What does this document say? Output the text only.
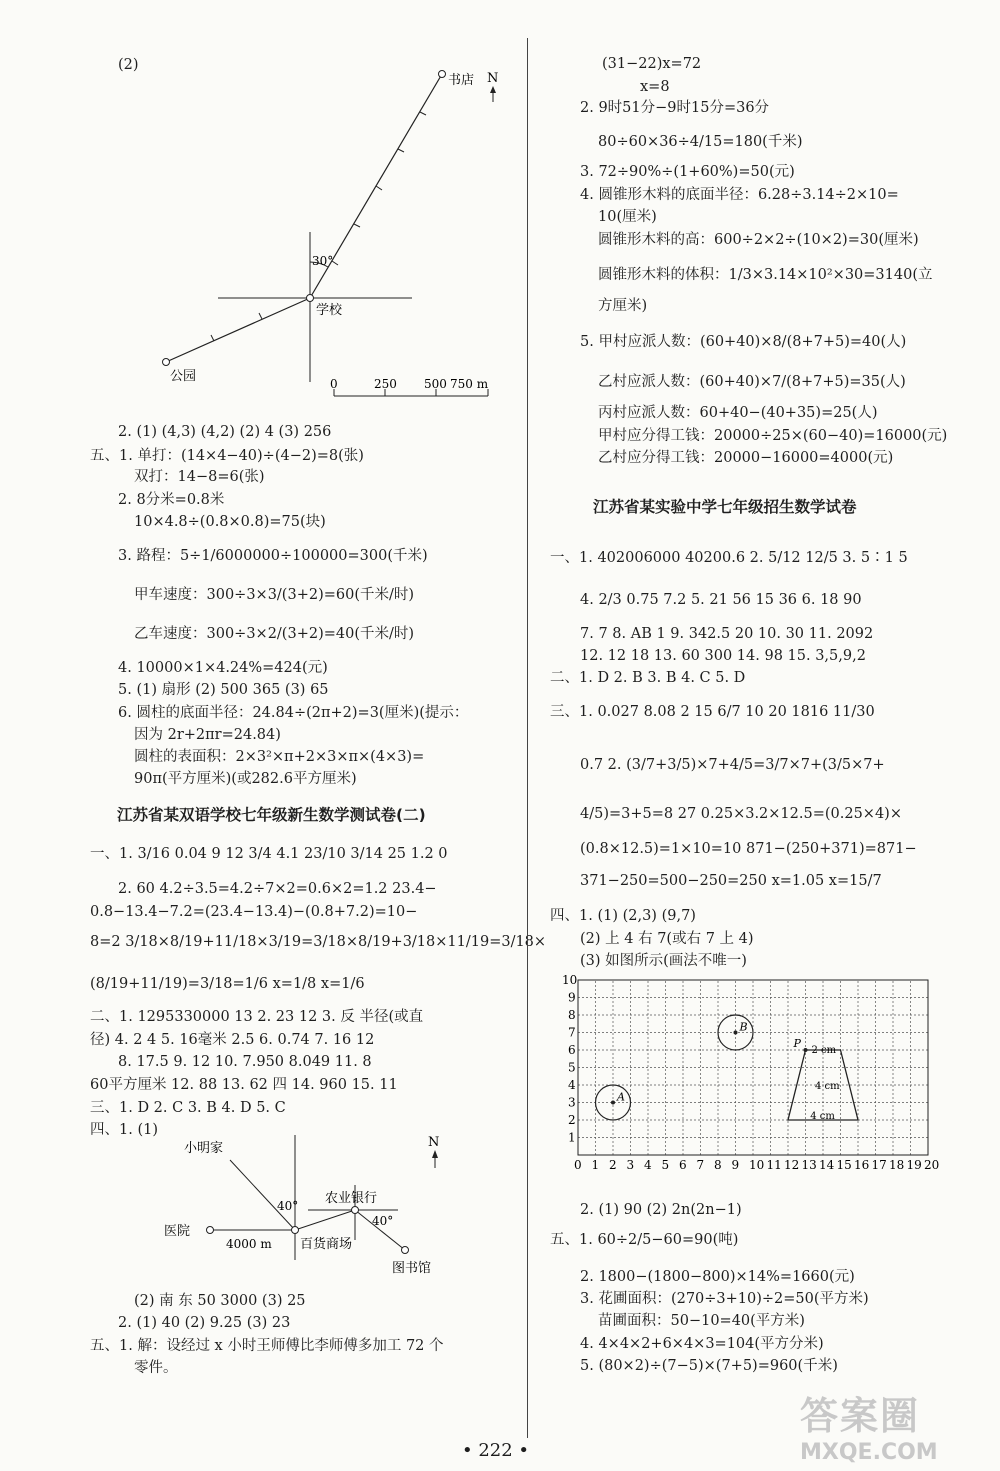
(2)
书店 N
30°
学校
公园	0	250 500 750 m
2. (1) (4,3) (4,2) (2) 4 (3) 256
五、1. 单打：(14×4−40)÷(4−2)=8(张)
双打：14−8=6(张)
2. 8分米=0.8米
10×4.8÷(0.8×0.8)=75(块)
3. 路程：5÷1/6000000÷100000=300(千米)
甲车速度：300÷3×3/(3+2)=60(千米/时)
乙车速度：300÷3×2/(3+2)=40(千米/时)
4. 10000×1×4.24%=424(元)
5. (1) 扇形 (2) 500 365 (3) 65
6. 圆柱的底面半径：24.84÷(2π+2)=3(厘米)(提示：
因为 2r+2πr=24.84)
圆柱的表面积：2×3²×π+2×3×π×(4×3)=
90π(平方厘米)(或282.6平方厘米)
江苏省某双语学校七年级新生数学测试卷(二)
一、1. 3/16 0.04 9 12 3/4 4.1 23/10 3/14 25 1.2 0
2. 60 4.2÷3.5=4.2÷7×2=0.6×2=1.2 23.4−
0.8−13.4−7.2=(23.4−13.4)−(0.8+7.2)=10−
8=2 3/18×8/19+11/18×3/19=3/18×8/19+3/18×11/19=3/18×
(8/19+11/19)=3/18=1/6 x=1/8 x=1/6
二、1. 1295330000 13 2. 23 12 3. 反 半径(或直
径) 4. 2 4 5. 16毫米 2.5 6. 0.74 7. 16 12
8. 17.5 9. 12 10. 7.950 8.049 11. 8
60平方厘米 12. 88 13. 62 四 14. 960 15. 11
三、1. D 2. C 3. B 4. D 5. C
四、1. (1)
小明家	N
40°
40°
农业银行
医院
4000 m 百货商场
图书馆
(2) 南 东 50 3000 (3) 25
2. (1) 40 (2) 9.25 (3) 23
五、1. 解：设经过 x 小时王师傅比李师傅多加工 72 个
零件。
(31−22)x=72
x=8
2. 9时51分−9时15分=36分
80÷60×36÷4/15=180(千米)
3. 72÷90%÷(1+60%)=50(元)
4. 圆锥形木料的底面半径：6.28÷3.14÷2×10=
10(厘米)
圆锥形木料的高：600÷2×2÷(10×2)=30(厘米)
圆锥形木料的体积：1/3×3.14×10²×30=3140(立
方厘米)
5. 甲村应派人数：(60+40)×8/(8+7+5)=40(人)
乙村应派人数：(60+40)×7/(8+7+5)=35(人)
丙村应派人数：60+40−(40+35)=25(人)
甲村应分得工钱：20000÷25×(60−40)=16000(元)
乙村应分得工钱：20000−16000=4000(元)
江苏省某实验中学七年级招生数学试卷
一、1. 402006000 40200.6 2. 5/12 12/5 3. 5∶1 5
4. 2/3 0.75 7.2 5. 21 56 15 36 6. 18 90
7. 7 8. AB 1 9. 342.5 20 10. 30 11. 2092
12. 12 18 13. 60 300 14. 98 15. 3,5,9,2
二、1. D 2. B 3. B 4. C 5. D
三、1. 0.027 8.08 2 15 6/7 10 20 1816 11/30
0.7 2. (3/7+3/5)×7+4/5=3/7×7+(3/5×7+
4/5)=3+5=8 27 0.25×3.2×12.5=(0.25×4)×
(0.8×12.5)=1×10=10 871−(250+371)=871−
371−250=500−250=250 x=1.05 x=15/7
四、1. (1) (2,3) (9,7)
(2) 上 4 右 7(或右 7 上 4)
(3) 如图所示(画法不唯一)
0 1 2 3 4 5 6 7 8 9 10 11 12 13 14 15 16 17 18 19 20
1
2
3
4
5
6
7
8
9
10
A
B
P
2 cm
4 cm
4 cm
2. (1) 90 (2) 2n(2n−1)
五、1. 60÷2/5−60=90(吨)
2. 1800−(1800−800)×14%=1660(元)
3. 花圃面积：(270÷3+10)÷2=50(平方米)
苗圃面积：50−10=40(平方米)
4. 4×4×2+6×4×3=104(平方分米)
5. (80×2)÷(7−5)×(7+5)=960(千米)
• 222 •
答案圈
MXQE.COM
